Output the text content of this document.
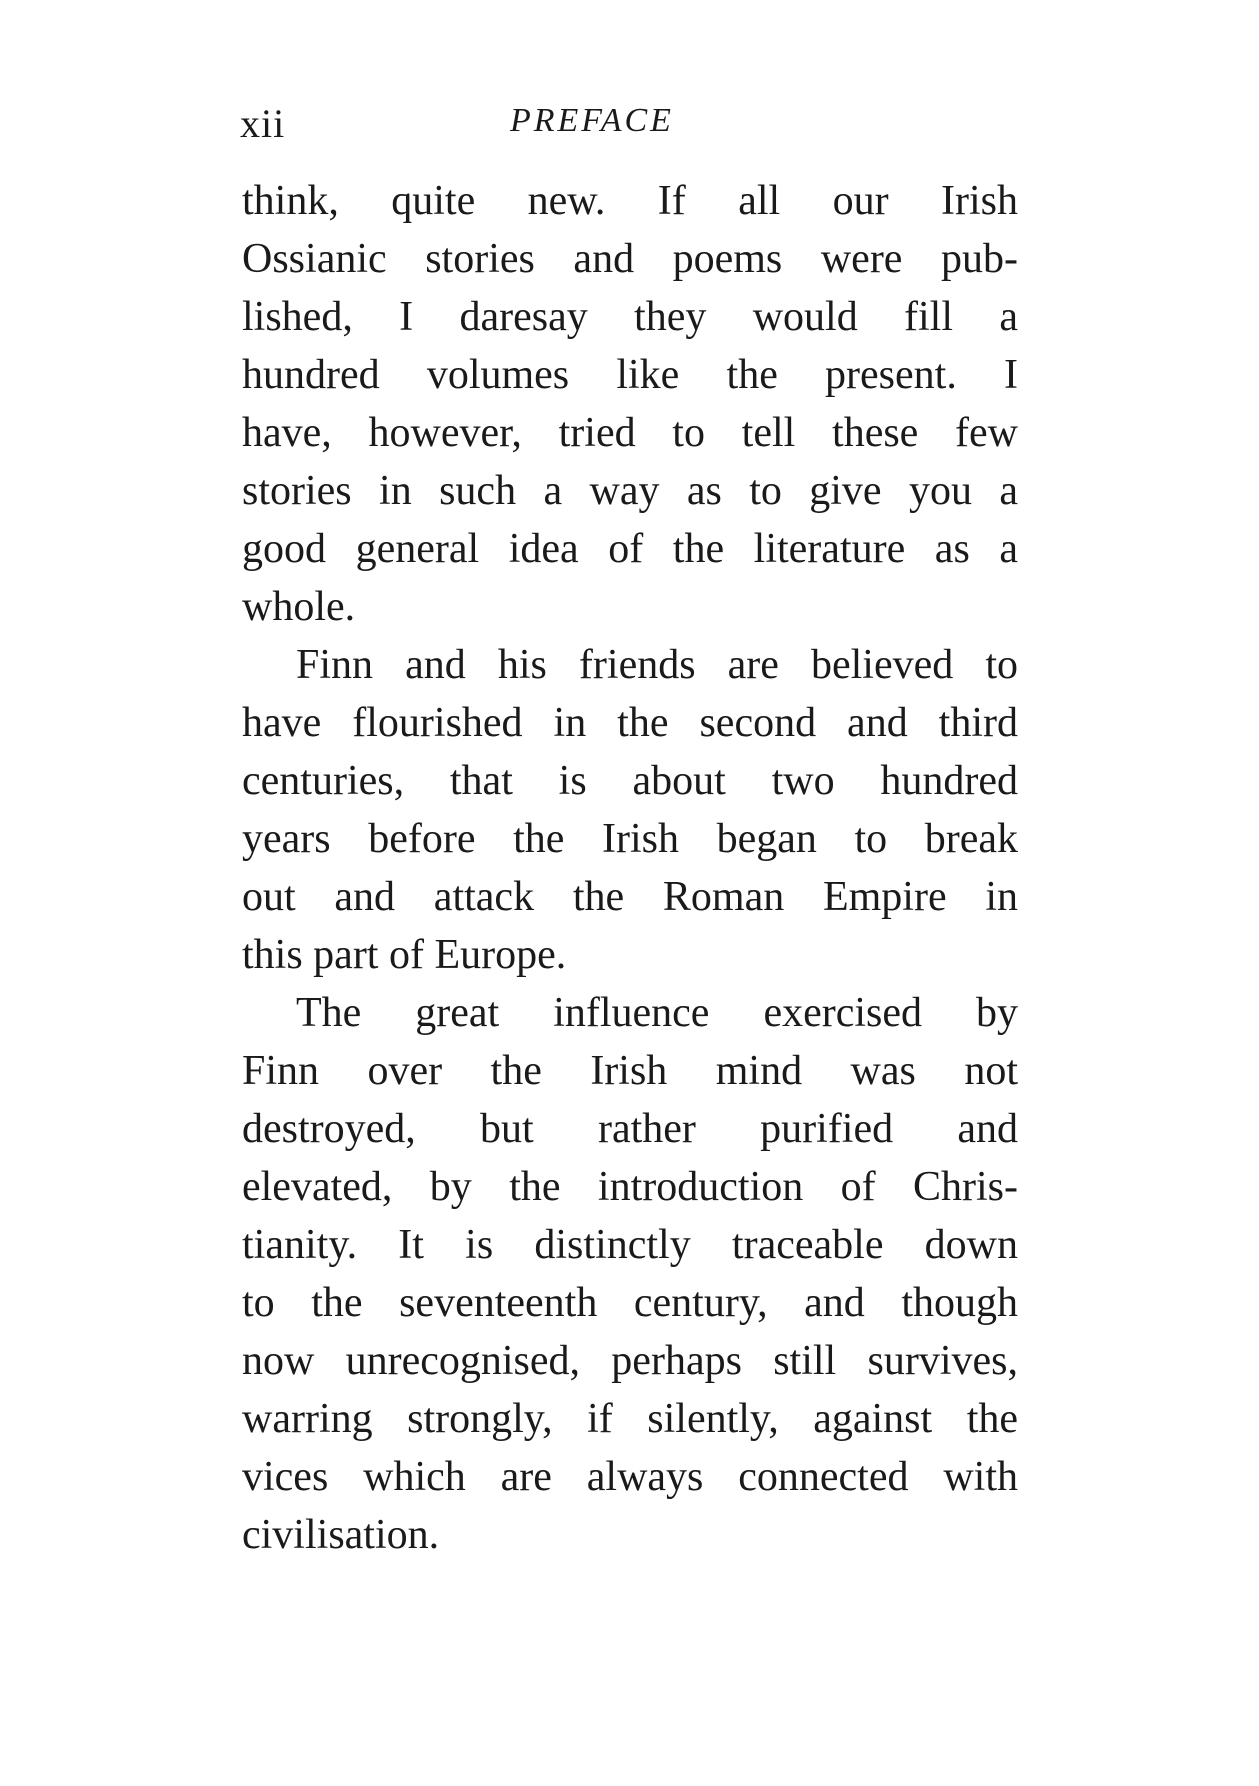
xii	PREFACE
think, quite new. If all our Irish
Ossianic stories and poems were pub-
lished, I daresay they would fill a
hundred volumes like the present. I
have, however, tried to tell these few
stories in such a way as to give you a
good general idea of the literature as a
whole.
Finn and his friends are believed to
have flourished in the second and third
centuries, that is about two hundred
years before the Irish began to break
out and attack the Roman Empire in
this part of Europe.
The great influence exercised by
Finn over the Irish mind was not
destroyed, but rather purified and
elevated, by the introduction of Chris-
tianity. It is distinctly traceable down
to the seventeenth century, and though
now unrecognised, perhaps still survives,
warring strongly, if silently, against the
vices which are always connected with
civilisation.
